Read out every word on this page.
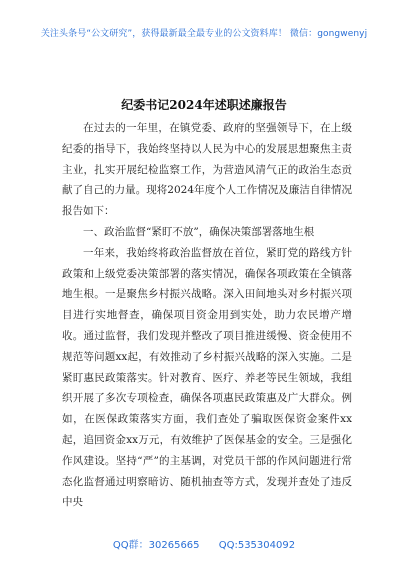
关注头条号“公文研究”，获得最新最全最专业的公文资料库！ 微信：gongwenyj
纪委书记2024年述职述廉报告

在过去的一年里，在镇党委、政府的坚强领导下，在上级纪委的指导下，我始终坚持以人民为中心的发展思想聚焦主责主业，扎实开展纪检监察工作，为营造风清气正的政治生态贡献了自己的力量。现将2024年度个人工作情况及廉洁自律情况报告如下：

一、政治监督“紧盯不放”，确保决策部署落地生根

一年来，我始终将政治监督放在首位，紧盯党的路线方针政策和上级党委决策部署的落实情况，确保各项政策在全镇落地生根。一是聚焦乡村振兴战略。深入田间地头对乡村振兴项目进行实地督查，确保项目资金用到实处，助力农民增产增收。通过监督，我们发现并整改了项目推进缓慢、资金使用不规范等问题xx起，有效推动了乡村振兴战略的深入实施。二是紧盯惠民政策落实。针对教育、医疗、养老等民生领域，我组织开展了多次专项检查，确保各项惠民政策惠及广大群众。例如，在医保政策落实方面，我们查处了骗取医保资金案件xx起，追回资金xx万元，有效维护了医保基金的安全。三是强化作风建设。坚持“严”的主基调，对党员干部的作风问题进行常态化监督通过明察暗访、随机抽查等方式，发现并查处了违反中央

QQ群：30265665 QQ:535304092
